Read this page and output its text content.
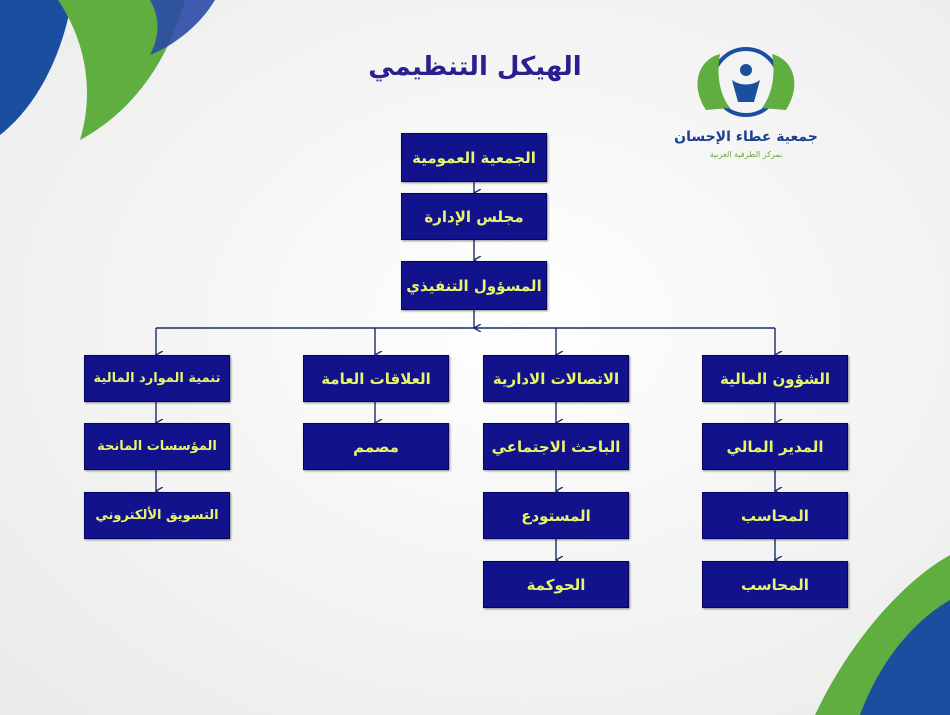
الهيكل التنظيمي
جمعية عطاء الإحسان
بمركز الطرفية الغربية
الجمعية العمومية
مجلس الإدارة
المسؤول التنفيذي
الشؤون المالية
الاتصالات الادارية
العلاقات العامة
تنمية الموارد المالية
المدير المالي
المحاسب
المحاسب
الباحث الاجتماعي
المستودع
الحوكمة
مصمم
المؤسسات المانحة
التسويق الألكتروني
